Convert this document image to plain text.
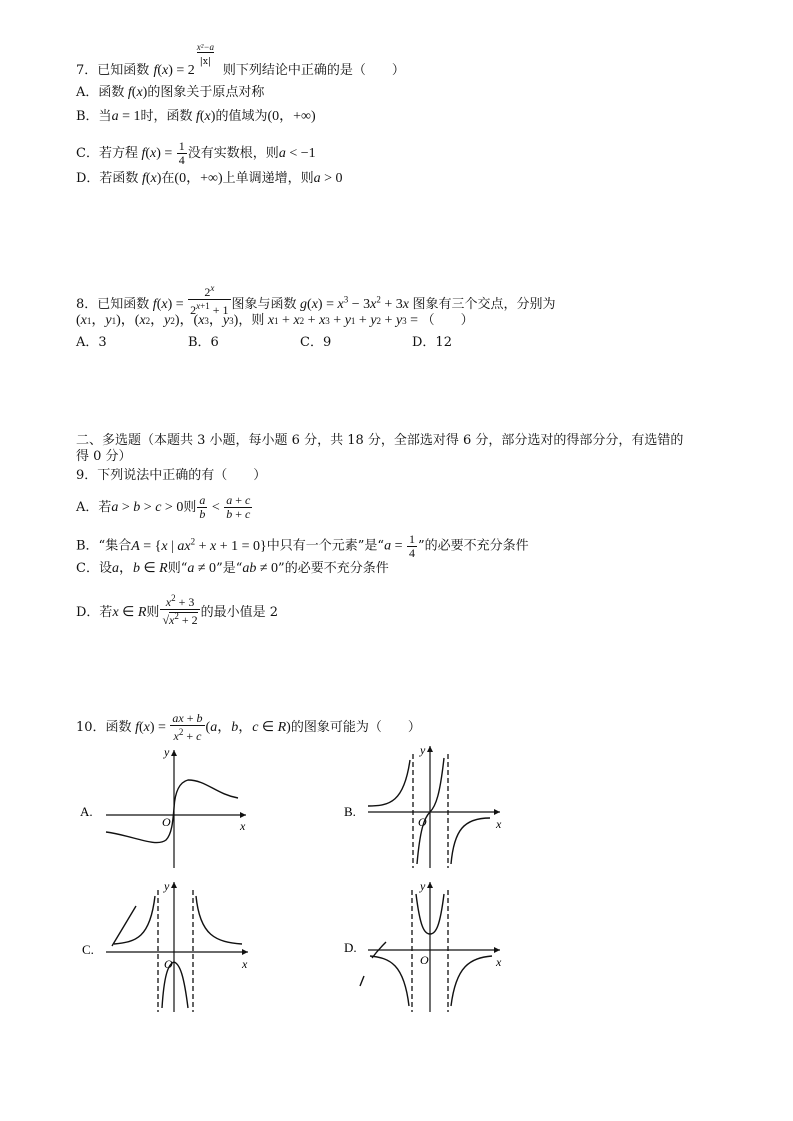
7．已知函数 $f(x) = 2 \frac{\text{x²−a}}{|x|}$ 则下列结论中正确的是（　　）
A．函数 f(x)的图象关于原点对称
B．当a = 1时，函数 f(x)的值域为(0，+∞)
C．若方程 $f(x) = \frac{1}{4}$ 没有实数根，则a < −1
D．若函数 f(x)在(0，+∞)上单调递增，则a > 0
8．已知函数 $f(x) = \frac{2^x}{2^{x+1} + 1}$ 图象与函数 $g(x) = x^3 - 3x^2 + 3x$ 图象有三个交点，分别为
(x1，y1)，(x2，y2)，(x3，y3)，则 x1 + x2 + x3 + y1 + y2 + y3 = （　　）
A．3	B．6	C．9	D．12
二、多选题（本题共 3 小题，每小题 6 分，共 18 分，全部选对得 6 分，部分选对的得部分分，有选错的
得 0 分）
9．下列说法中正确的有（　　）
A．若a > b > c > 0则 $\frac{a}{b} < \frac{a + c}{b + c}$
B．“集合A = {x | $ax^2 + x + 1 = 0$}中只有一个元素”是“$a = \frac{1}{4}$ ”的必要不充分条件
C．设a，b ∈ R则“a ≠ 0”是“ab ≠ 0”的必要不充分条件
D．若x ∈ R则 $\frac{x^2 + 3}{√x^2 + 2}$ 的最小值是 2
10．函数 $f(x) = \frac{ax + b}{x^2 + c} (a$，b，c ∈ R)的图象可能为（　　）
A.
y
x
O
B.
y
x
O
C.
y
x
O
D.
y
x
O
